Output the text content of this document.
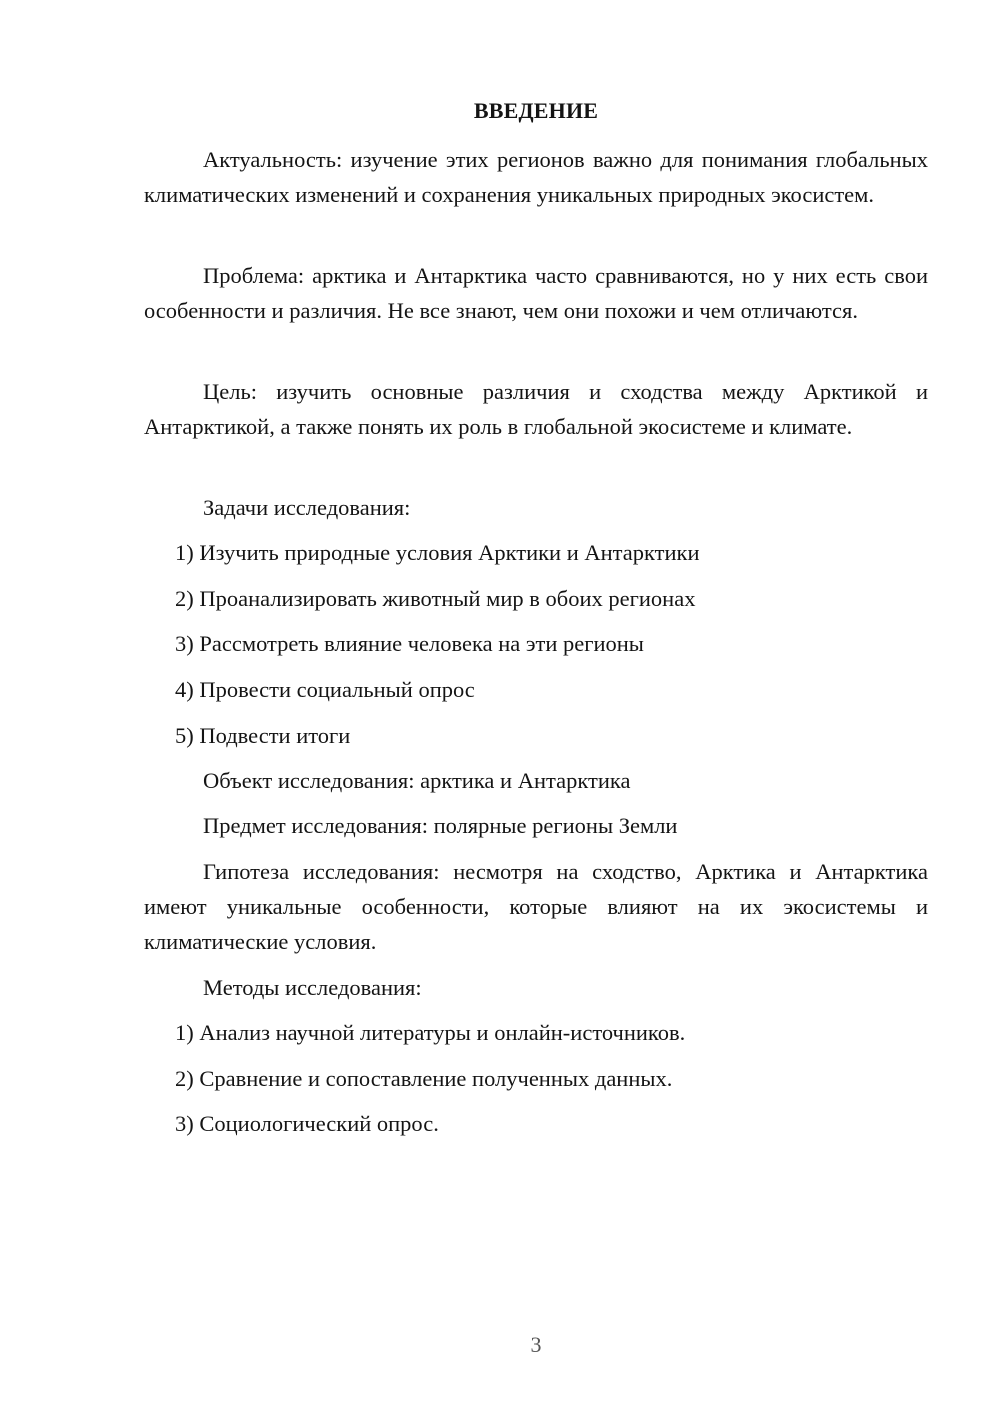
ВВЕДЕНИЕ

Актуальность: изучение этих регионов важно для понимания глобальных климатических изменений и сохранения уникальных природных экосистем.

Проблема: арктика и Антарктика часто сравниваются, но у них есть свои особенности и различия. Не все знают, чем они похожи и чем отличаются.

Цель: изучить основные различия и сходства между Арктикой и Антарктикой, а также понять их роль в глобальной экосистеме и климате.

Задачи исследования:

1) Изучить природные условия Арктики и Антарктики

2) Проанализировать животный мир в обоих регионах

3) Рассмотреть влияние человека на эти регионы

4) Провести социальный опрос

5) Подвести итоги

Объект исследования: арктика и Антарктика

Предмет исследования: полярные регионы Земли

Гипотеза исследования: несмотря на сходство, Арктика и Антарктика имеют уникальные особенности, которые влияют на их экосистемы и климатические условия.

Методы исследования:

1) Анализ научной литературы и онлайн-источников.

2) Сравнение и сопоставление полученных данных.

3) Социологический опрос.

3
